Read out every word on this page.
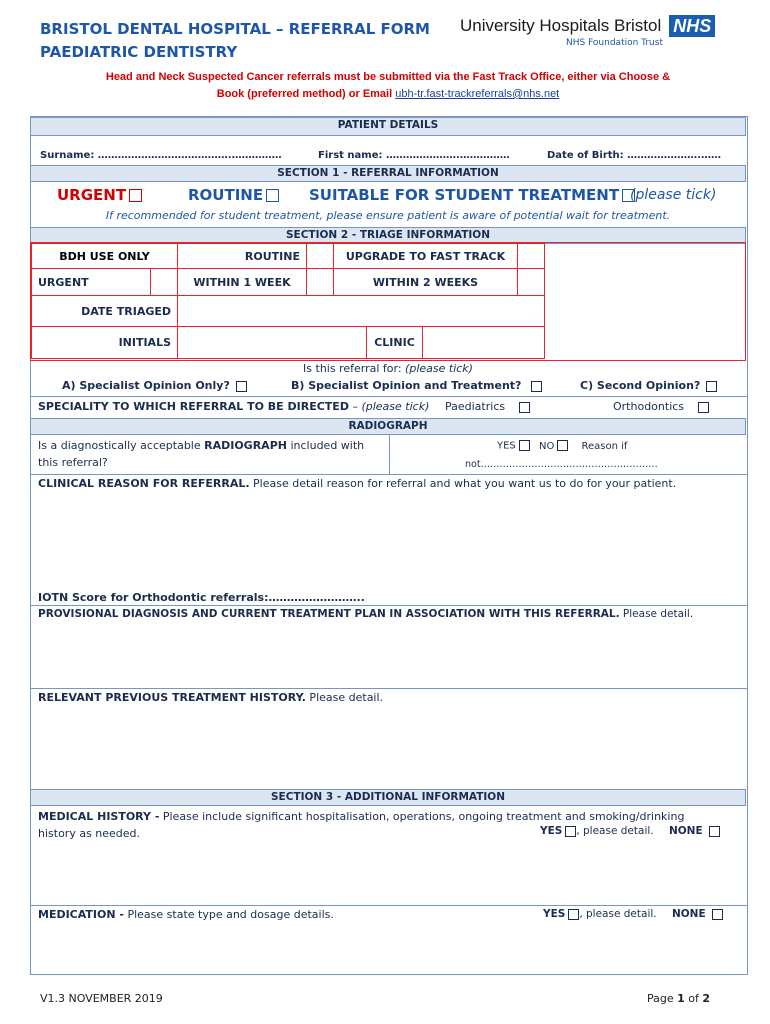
BRISTOL DENTAL HOSPITAL – REFERRAL FORM
PAEDIATRIC DENTISTRY
University Hospitals Bristol NHS
NHS Foundation Trust
Head and Neck Suspected Cancer referrals must be submitted via the Fast Track Office, either via Choose &
Book (preferred method) or Email ubh-tr.fast-trackreferrals@nhs.net
PATIENT DETAILS
Surname: ………………………………….……………	First name: ………………….……………	Date of Birth: ………………….……
SECTION 1 - REFERRAL INFORMATION
URGENT	ROUTINE	SUITABLE FOR STUDENT TREATMENT (please tick)
If recommended for student treatment, please ensure patient is aware of potential wait for treatment.
SECTION 2 - TRIAGE INFORMATION
BDH USE ONLY	ROUTINE	UPGRADE TO FAST TRACK
URGENT	WITHIN 1 WEEK	WITHIN 2 WEEKS
DATE TRIAGED
INITIALS	CLINIC
Is this referral for: (please tick)
A) Specialist Opinion Only?	B) Specialist Opinion and Treatment?	C) Second Opinion?
SPECIALITY TO WHICH REFERRAL TO BE DIRECTED – (please tick) Paediatrics	Orthodontics
RADIOGRAPH
Is a diagnostically acceptable RADIOGRAPH included with
this referral?
YES NO	Reason if
not………………………………….…………….
CLINICAL REASON FOR REFERRAL. Please detail reason for referral and what you want us to do for your patient.
IOTN Score for Orthodontic referrals:……………………..
PROVISIONAL DIAGNOSIS AND CURRENT TREATMENT PLAN IN ASSOCIATION WITH THIS REFERRAL. Please detail.
RELEVANT PREVIOUS TREATMENT HISTORY. Please detail.
SECTION 3 - ADDITIONAL INFORMATION
MEDICAL HISTORY - Please include significant hospitalisation, operations, ongoing treatment and smoking/drinking
history as needed.	YES , please detail. NONE
MEDICATION - Please state type and dosage details.	YES , please detail. NONE
V1.3 NOVEMBER 2019	Page 1 of 2
